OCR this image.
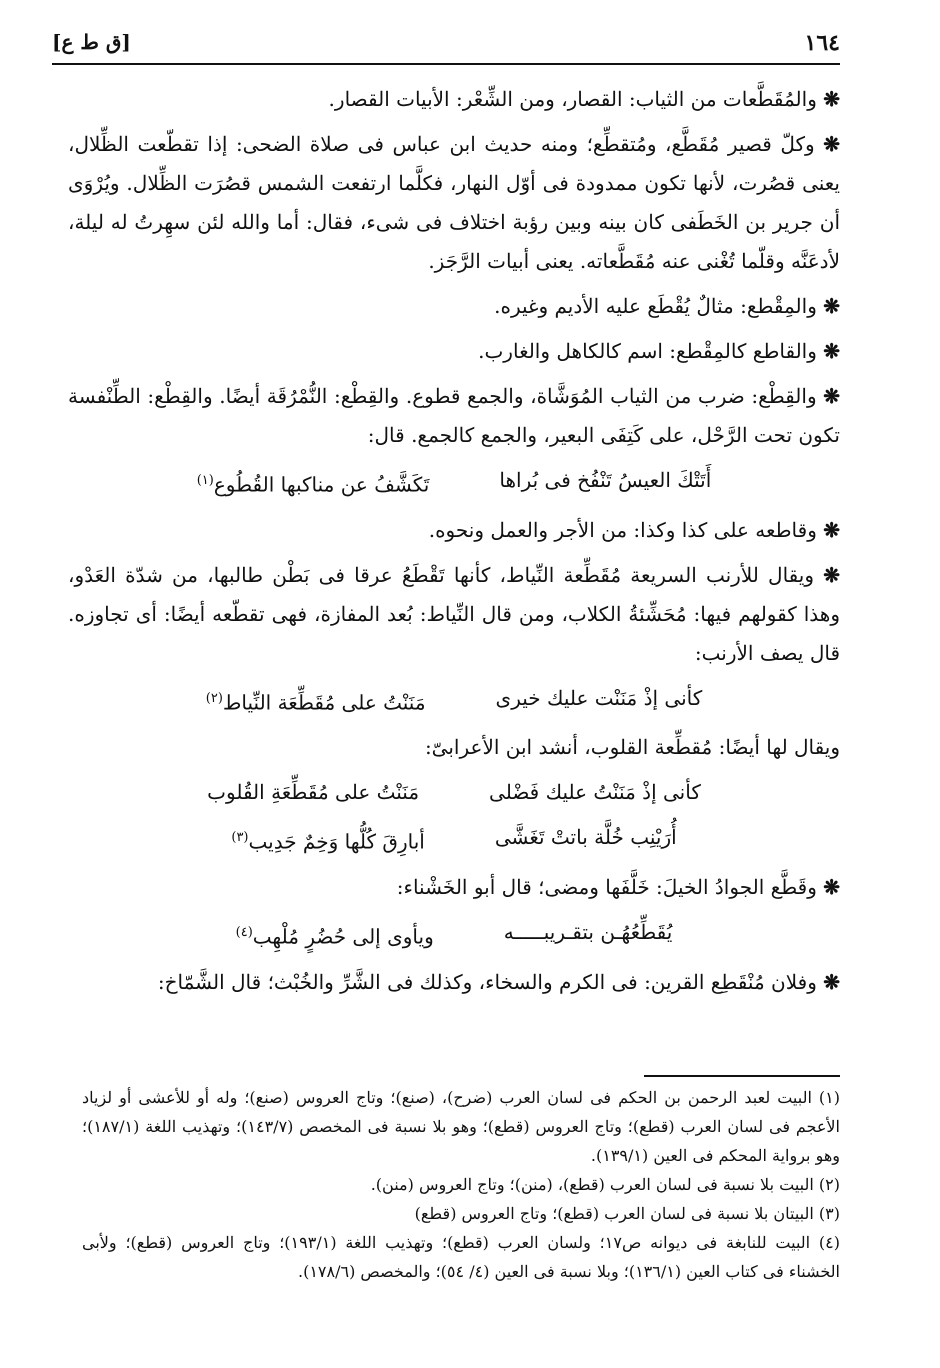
١٦٤
[ق ط ع]

❋ والمُقَطَّعات من الثياب: القصار، ومن الشِّعْر: الأبيات القصار.

❋ وكلّ قصير مُقَطَّع، ومُتقطِّع؛ ومنه حديث ابن عباس فى صلاة الضحى: إذا تقطّعت الظِّلال، يعنى قصُرت، لأنها تكون ممدودة فى أوّل النهار، فكلَّما ارتفعت الشمس قصُرَت الظِّلال. ويُرْوَى أن جرير بن الخَطَفى كان بينه وبين رؤبة اختلاف فى شىء، فقال: أما والله لئن سهِرتُ له ليلة، لأدعَنَّه وقلّما تُغْنى عنه مُقَطَّعاته. يعنى أبيات الرَّجَز.

❋ والمِقْطع: مثالٌ يُقْطَع عليه الأديم وغيره.

❋ والقاطع كالمِقْطع: اسم كالكاهل والغارب.

❋ والقِطْع: ضرب من الثياب المُوَشَّاة، والجمع قطوع. والقِطْع: النُّمْرُقَة أيضًا. والقِطْع: الطِّنْفسة تكون تحت الرَّحْل، على كَتِفَى البعير، والجمع كالجمع. قال:

أَتَتْكَ العيسُ تَنْفُخ فى بُراها
تَكَشَّفُ عن مناكبها القُطُوع$^{(١)}$

❋ وقاطعه على كذا وكذا: من الأجر والعمل ونحوه.

❋ ويقال للأرنب السريعة مُقَطِّعة النِّياط، كأنها تَقْطَعُ عرقا فى بَطْن طالبها، من شدّة العَدْو، وهذا كقولهم فيها: مُحَشِّئةُ الكلاب، ومن قال النِّياط: بُعد المفازة، فهى تقطّعه أيضًا: أى تجاوزه. قال يصف الأرنب:

كأنى إذْ مَنَنْت عليك خيرى
مَنَنْتُ على مُقَطِّعَة النِّياط$^{(٢)}$

ويقال لها أيضًا: مُقطِّعة القلوب، أنشد ابن الأعرابىّ:

كأنى إذْ مَنَنْتُ عليك فَضْلى
مَنَنْتُ على مُقَطِّعَةِ القُلوب
أُرَيْنِب خُلَّة باتتْ تَغَشَّى
أبارِقَ كُلُّها وَخِمٌ جَدِيب$^{(٣)}$

❋ وقَطَّع الجوادُ الخيلَ: خَلَّفَها ومضى؛ قال أبو الخَشْناء:

يُقَطِّعُهُـن بتقـريبـــــه
ويأوى إلى حُضُرٍ مُلْهِب$^{(٤)}$

❋ وفلان مُنْقَطِع القرين: فى الكرم والسخاء، وكذلك فى الشَّرِّ والخُبْث؛ قال الشَّمّاخ:

(١) البيت لعبد الرحمن بن الحكم فى لسان العرب (ضرح)، (صنع)؛ وتاج العروس (صنع)؛ وله أو للأعشى أو لزياد الأعجم فى لسان العرب (قطع)؛ وتاج العروس (قطع)؛ وهو بلا نسبة فى المخصص (١٤٣/٧)؛ وتهذيب اللغة (١٨٧/١)؛ وهو برواية المحكم فى العين (١٣٩/١).

(٢) البيت بلا نسبة فى لسان العرب (قطع)، (منن)؛ وتاج العروس (منن).

(٣) البيتان بلا نسبة فى لسان العرب (قطع)؛ وتاج العروس (قطع)

(٤) البيت للنابغة فى ديوانه ص١٧؛ ولسان العرب (قطع)؛ وتهذيب اللغة (١٩٣/١)؛ وتاج العروس (قطع)؛ ولأبى الخشناء فى كتاب العين (١٣٦/١)؛ وبلا نسبة فى العين (٤/ ٥٤)؛ والمخصص (١٧٨/٦).
